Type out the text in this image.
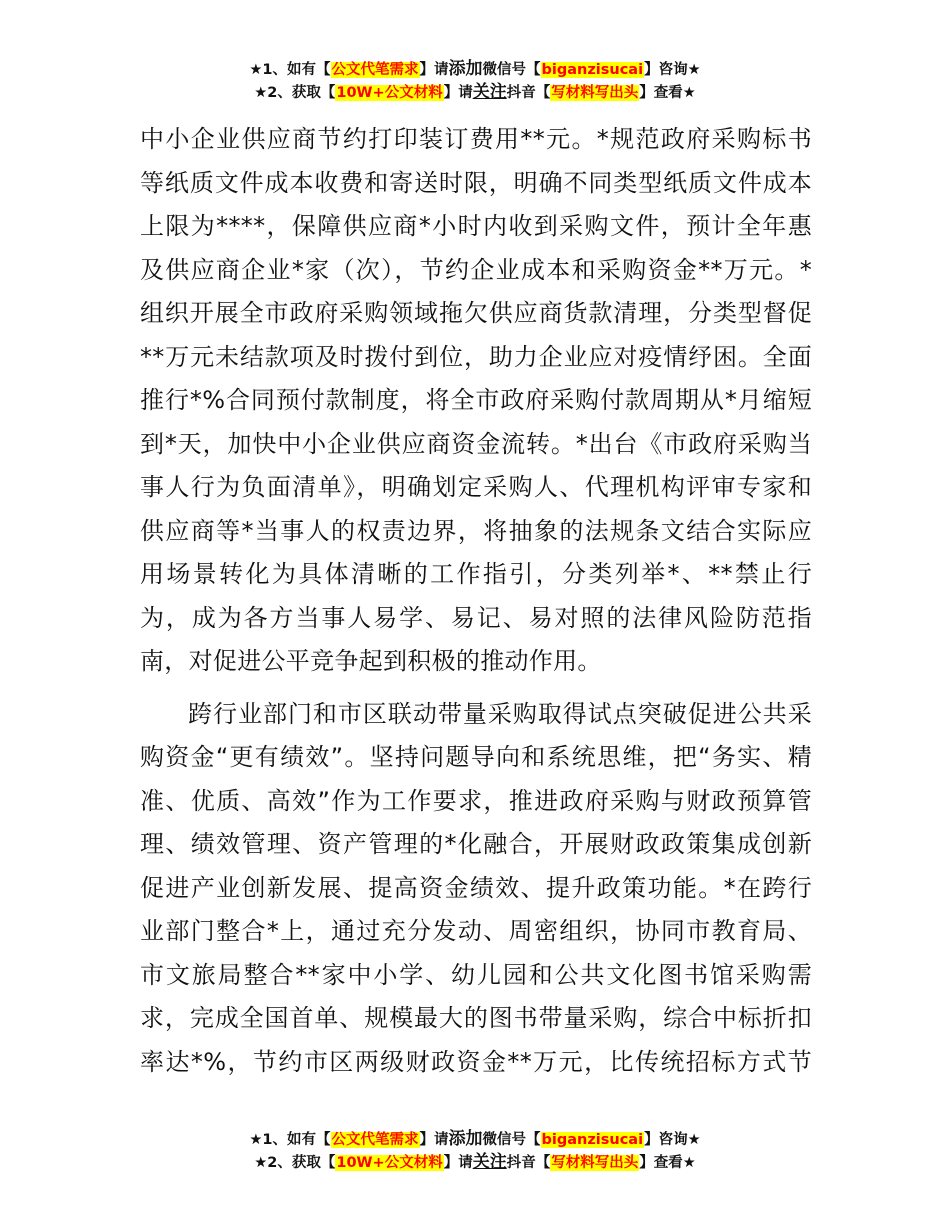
★1、如有【公文代笔需求】请添加微信号【biganzisucai】咨询★
★2、获取【10W+公文材料】请关注抖音【写材料写出头】查看★

中小企业供应商节约打印装订费用**元。*规范政府采购标书
等纸质文件成本收费和寄送时限，明确不同类型纸质文件成本
上限为****，保障供应商*小时内收到采购文件，预计全年惠
及供应商企业*家（次），节约企业成本和采购资金**万元。*
组织开展全市政府采购领域拖欠供应商货款清理，分类型督促
**万元未结款项及时拨付到位，助力企业应对疫情纾困。全面
推行*%合同预付款制度，将全市政府采购付款周期从*月缩短
到*天，加快中小企业供应商资金流转。*出台《市政府采购当
事人行为负面清单》，明确划定采购人、代理机构评审专家和
供应商等*当事人的权责边界，将抽象的法规条文结合实际应
用场景转化为具体清晰的工作指引，分类列举*、**禁止行
为，成为各方当事人易学、易记、易对照的法律风险防范指
南，对促进公平竞争起到积极的推动作用。

跨行业部门和市区联动带量采购取得试点突破促进公共采
购资金“更有绩效”。坚持问题导向和系统思维，把“务实、精
准、优质、高效”作为工作要求，推进政府采购与财政预算管
理、绩效管理、资产管理的*化融合，开展财政政策集成创新
促进产业创新发展、提高资金绩效、提升政策功能。*在跨行
业部门整合*上，通过充分发动、周密组织，协同市教育局、
市文旅局整合**家中小学、幼儿园和公共文化图书馆采购需
求，完成全国首单、规模最大的图书带量采购，综合中标折扣
率达*%，节约市区两级财政资金**万元，比传统招标方式节

★1、如有【公文代笔需求】请添加微信号【biganzisucai】咨询★
★2、获取【10W+公文材料】请关注抖音【写材料写出头】查看★
